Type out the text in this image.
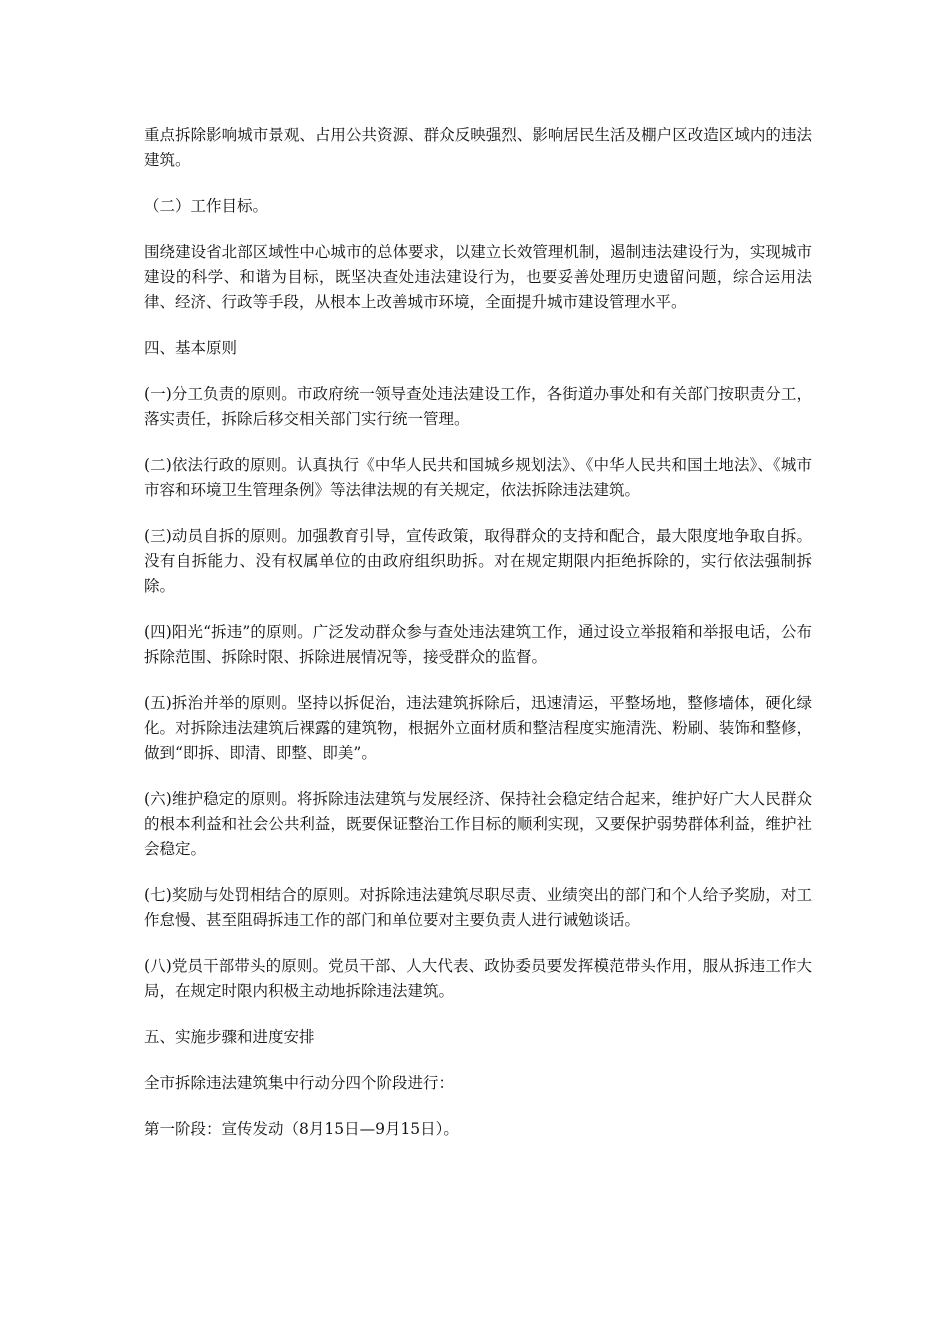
重点拆除影响城市景观、占用公共资源、群众反映强烈、影响居民生活及棚户区改造区域内的违法建筑。

（二）工作目标。

围绕建设省北部区域性中心城市的总体要求，以建立长效管理机制，遏制违法建设行为，实现城市建设的科学、和谐为目标，既坚决查处违法建设行为，也要妥善处理历史遗留问题，综合运用法律、经济、行政等手段，从根本上改善城市环境，全面提升城市建设管理水平。

四、基本原则

(一)分工负责的原则。市政府统一领导查处违法建设工作，各街道办事处和有关部门按职责分工，落实责任，拆除后移交相关部门实行统一管理。

(二)依法行政的原则。认真执行《中华人民共和国城乡规划法》、《中华人民共和国土地法》、《城市市容和环境卫生管理条例》等法律法规的有关规定，依法拆除违法建筑。

(三)动员自拆的原则。加强教育引导，宣传政策，取得群众的支持和配合，最大限度地争取自拆。没有自拆能力、没有权属单位的由政府组织助拆。对在规定期限内拒绝拆除的，实行依法强制拆除。

(四)阳光“拆违”的原则。广泛发动群众参与查处违法建筑工作，通过设立举报箱和举报电话，公布拆除范围、拆除时限、拆除进展情况等，接受群众的监督。

(五)拆治并举的原则。坚持以拆促治，违法建筑拆除后，迅速清运，平整场地，整修墙体，硬化绿化。对拆除违法建筑后裸露的建筑物，根据外立面材质和整洁程度实施清洗、粉刷、装饰和整修，做到“即拆、即清、即整、即美”。

(六)维护稳定的原则。将拆除违法建筑与发展经济、保持社会稳定结合起来，维护好广大人民群众的根本利益和社会公共利益，既要保证整治工作目标的顺利实现，又要保护弱势群体利益，维护社会稳定。

(七)奖励与处罚相结合的原则。对拆除违法建筑尽职尽责、业绩突出的部门和个人给予奖励，对工作怠慢、甚至阻碍拆违工作的部门和单位要对主要负责人进行诫勉谈话。

(八)党员干部带头的原则。党员干部、人大代表、政协委员要发挥模范带头作用，服从拆违工作大局，在规定时限内积极主动地拆除违法建筑。

五、实施步骤和进度安排

全市拆除违法建筑集中行动分四个阶段进行：

第一阶段：宣传发动（8月15日—9月15日）。
